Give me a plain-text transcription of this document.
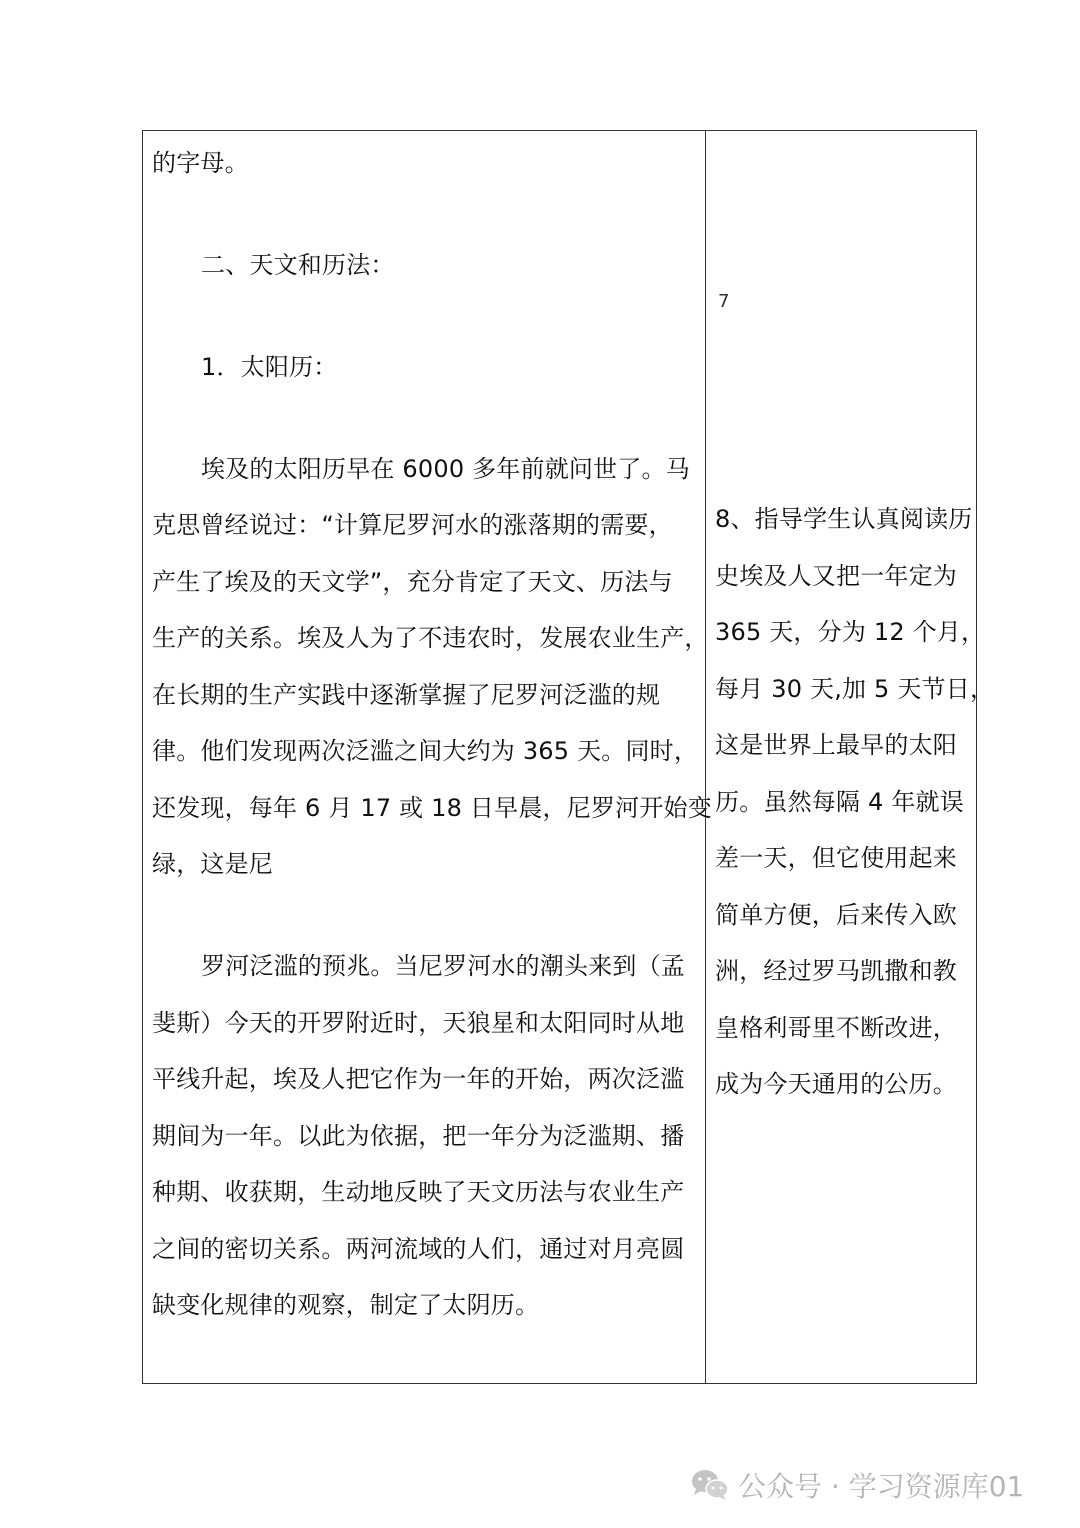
的字母。
二、天文和历法：
1．太阳历：
埃及的太阳历早在 6000 多年前就问世了。马
克思曾经说过：“计算尼罗河水的涨落期的需要，
产生了埃及的天文学”，充分肯定了天文、历法与
生产的关系。埃及人为了不违农时，发展农业生产，
在长期的生产实践中逐渐掌握了尼罗河泛滥的规
律。他们发现两次泛滥之间大约为 365 天。同时，
还发现，每年 6 月 17 或 18 日早晨，尼罗河开始变
绿，这是尼
罗河泛滥的预兆。当尼罗河水的潮头来到（孟
斐斯）今天的开罗附近时，天狼星和太阳同时从地
平线升起，埃及人把它作为一年的开始，两次泛滥
期间为一年。以此为依据，把一年分为泛滥期、播
种期、收获期，生动地反映了天文历法与农业生产
之间的密切关系。两河流域的人们，通过对月亮圆
缺变化规律的观察，制定了太阴历。
7
8、指导学生认真阅读历
史埃及人又把一年定为
365 天，分为 12 个月，
每月 30 天,加 5 天节日，
这是世界上最早的太阳
历。虽然每隔 4 年就误
差一天，但它使用起来
简单方便，后来传入欧
洲，经过罗马凯撒和教
皇格利哥里不断改进，
成为今天通用的公历。
公众号 · 学习资源库01
